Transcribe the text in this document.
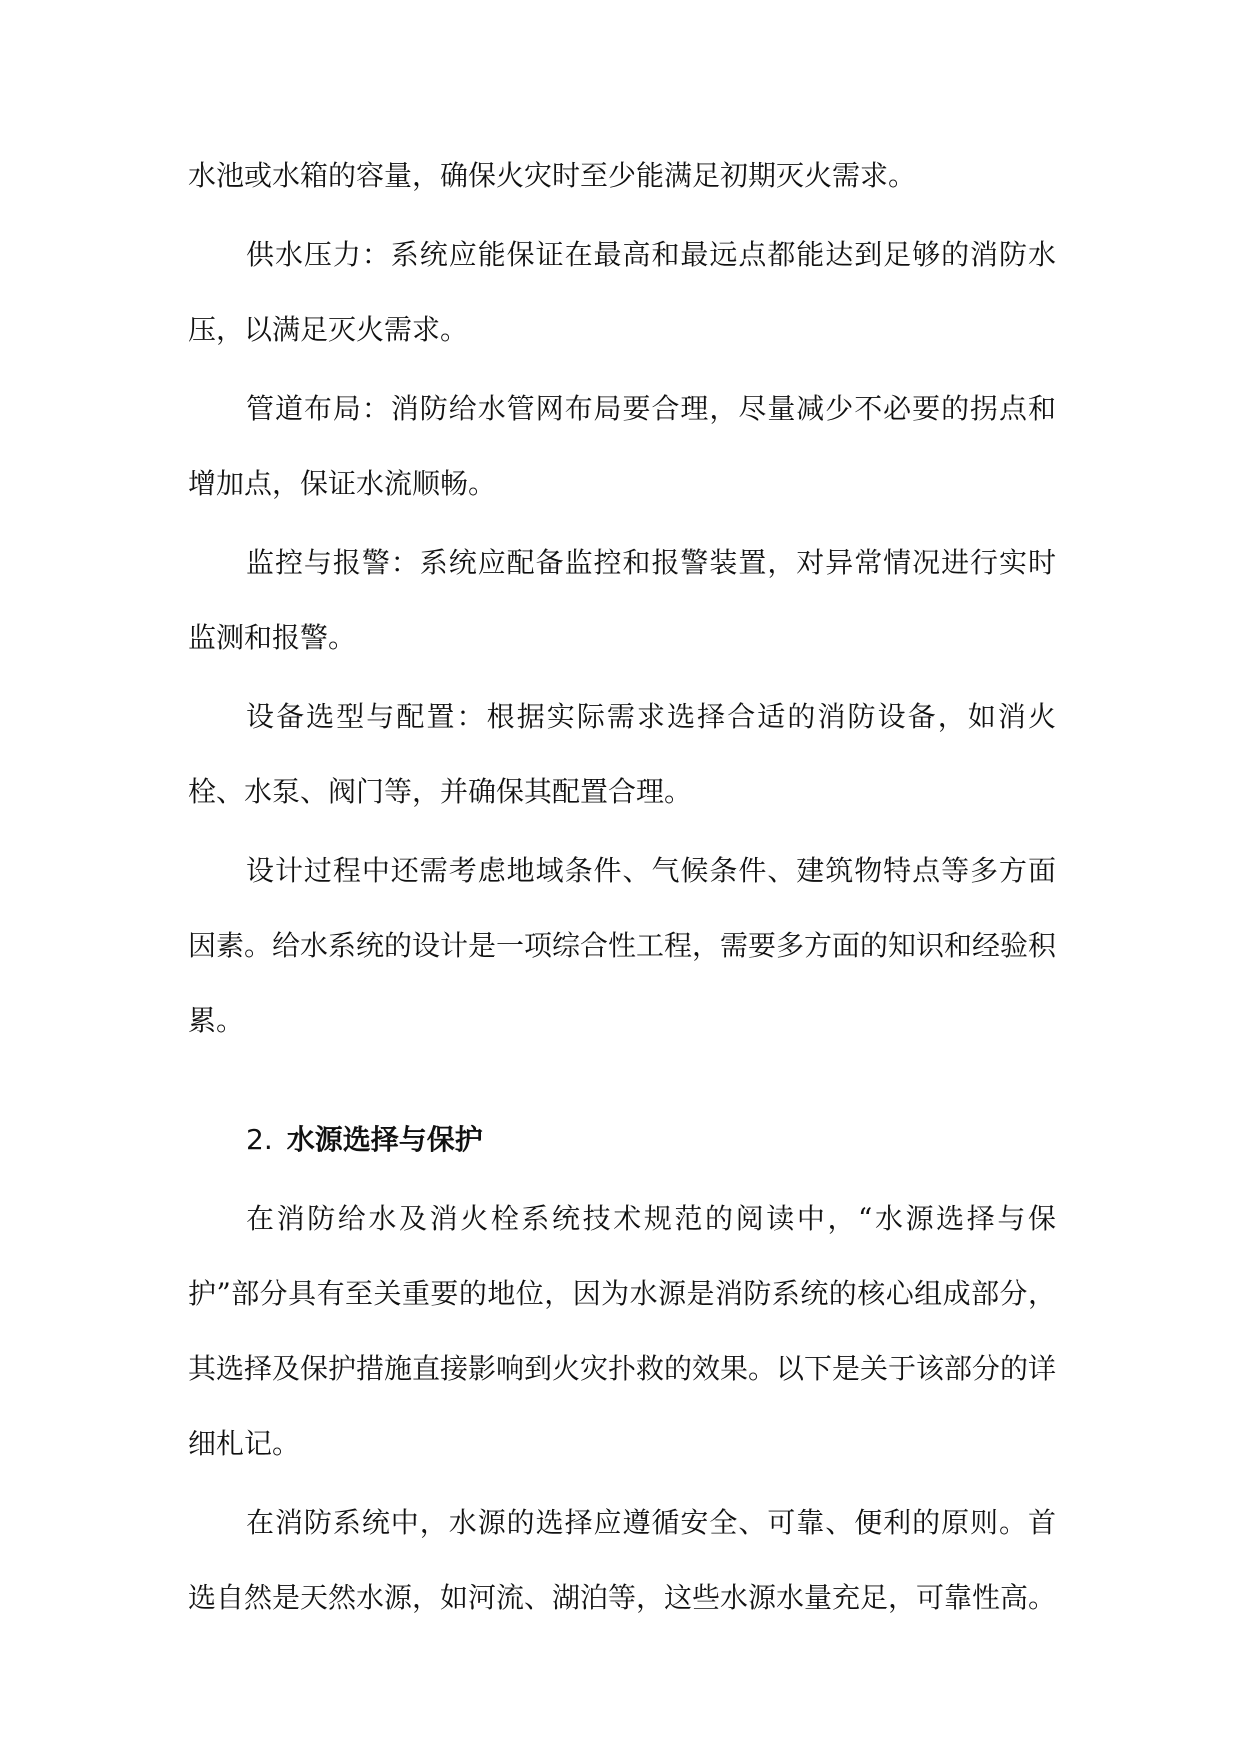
水池或水箱的容量，确保火灾时至少能满足初期灭火需求。

供水压力：系统应能保证在最高和最远点都能达到足够的消防水压，以满足灭火需求。

管道布局：消防给水管网布局要合理，尽量减少不必要的拐点和增加点，保证水流顺畅。

监控与报警：系统应配备监控和报警装置，对异常情况进行实时监测和报警。

设备选型与配置：根据实际需求选择合适的消防设备，如消火栓、水泵、阀门等，并确保其配置合理。

设计过程中还需考虑地域条件、气候条件、建筑物特点等多方面因素。给水系统的设计是一项综合性工程，需要多方面的知识和经验积累。

2. 水源选择与保护

在消防给水及消火栓系统技术规范的阅读中，“水源选择与保护”部分具有至关重要的地位，因为水源是消防系统的核心组成部分，其选择及保护措施直接影响到火灾扑救的效果。以下是关于该部分的详细札记。

在消防系统中，水源的选择应遵循安全、可靠、便利的原则。首选自然是天然水源，如河流、湖泊等，这些水源水量充足，可靠性高。
